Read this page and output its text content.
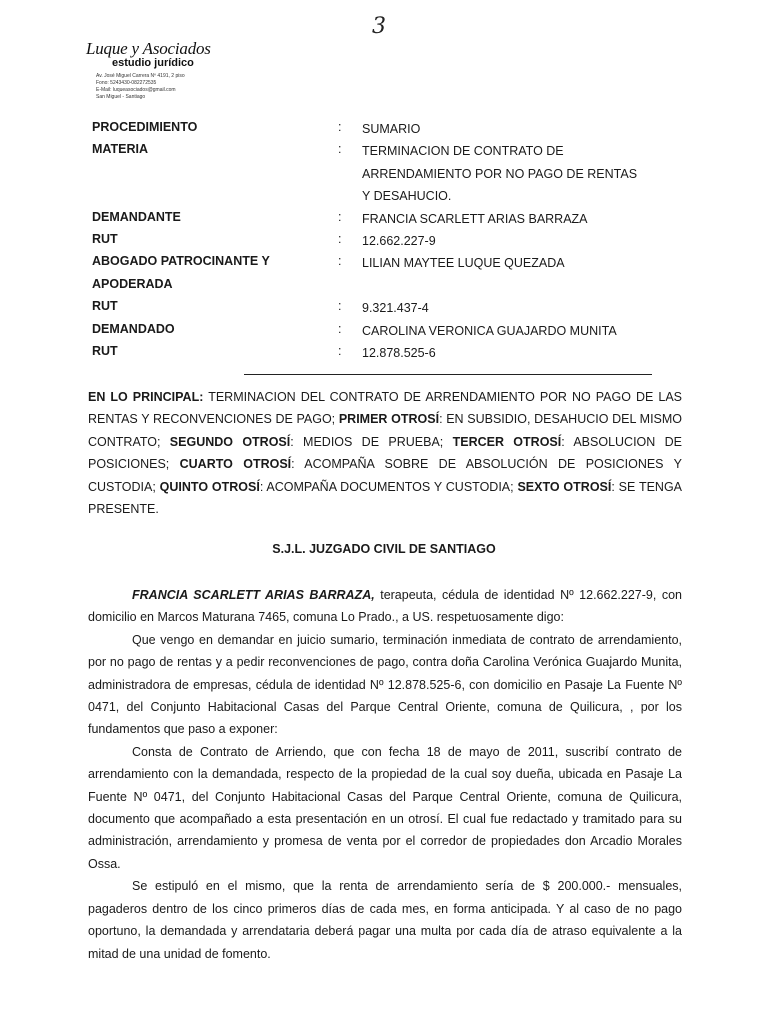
3
Luque y Asociados
estudio jurídico
Av. José Miguel Carrera Nº 4191, 2 piso
Fono: 5243430-082272535
E-Mail: luqueasociados@gmail.com
San Miguel - Santiago
PROCEDIMIENTO	: SUMARIO
MATERIA	: TERMINACION DE CONTRATO DE
ARRENDAMIENTO POR NO PAGO DE RENTAS
Y DESAHUCIO.
DEMANDANTE	: FRANCIA SCARLETT ARIAS BARRAZA
RUT	: 12.662.227-9
ABOGADO PATROCINANTE Y	: LILIAN MAYTEE LUQUE QUEZADA
APODERADA
RUT	: 9.321.437-4
DEMANDADO	: CAROLINA VERONICA GUAJARDO MUNITA
RUT	: 12.878.525-6
EN LO PRINCIPAL: TERMINACION DEL CONTRATO DE ARRENDAMIENTO POR NO PAGO DE LAS RENTAS Y RECONVENCIONES DE PAGO; PRIMER OTROSÍ: EN SUBSIDIO, DESAHUCIO DEL MISMO CONTRATO; SEGUNDO OTROSÍ: MEDIOS DE PRUEBA; TERCER OTROSÍ: ABSOLUCION DE POSICIONES; CUARTO OTROSÍ: ACOMPAÑA SOBRE DE ABSOLUCIÓN DE POSICIONES Y CUSTODIA; QUINTO OTROSÍ: ACOMPAÑA DOCUMENTOS Y CUSTODIA; SEXTO OTROSÍ: SE TENGA PRESENTE.
S.J.L. JUZGADO CIVIL DE SANTIAGO

FRANCIA SCARLETT ARIAS BARRAZA, terapeuta, cédula de identidad Nº 12.662.227-9, con domicilio en Marcos Maturana 7465, comuna Lo Prado., a US. respetuosamente digo:

Que vengo en demandar en juicio sumario, terminación inmediata de contrato de arrendamiento, por no pago de rentas y a pedir reconvenciones de pago, contra doña Carolina Verónica Guajardo Munita, administradora de empresas, cédula de identidad Nº 12.878.525-6, con domicilio en Pasaje La Fuente Nº 0471, del Conjunto Habitacional Casas del Parque Central Oriente, comuna de Quilicura, , por los fundamentos que paso a exponer:

Consta de Contrato de Arriendo, que con fecha 18 de mayo de 2011, suscribí contrato de arrendamiento con la demandada, respecto de la propiedad de la cual soy dueña, ubicada en Pasaje La Fuente Nº 0471, del Conjunto Habitacional Casas del Parque Central Oriente, comuna de Quilicura, documento que acompañado a esta presentación en un otrosí. El cual fue redactado y tramitado para su administración, arrendamiento y promesa de venta por el corredor de propiedades don Arcadio Morales Ossa.

Se estipuló en el mismo, que la renta de arrendamiento sería de $ 200.000.- mensuales, pagaderos dentro de los cinco primeros días de cada mes, en forma anticipada. Y al caso de no pago oportuno, la demandada y arrendataria deberá pagar una multa por cada día de atraso equivalente a la mitad de una unidad de fomento.
